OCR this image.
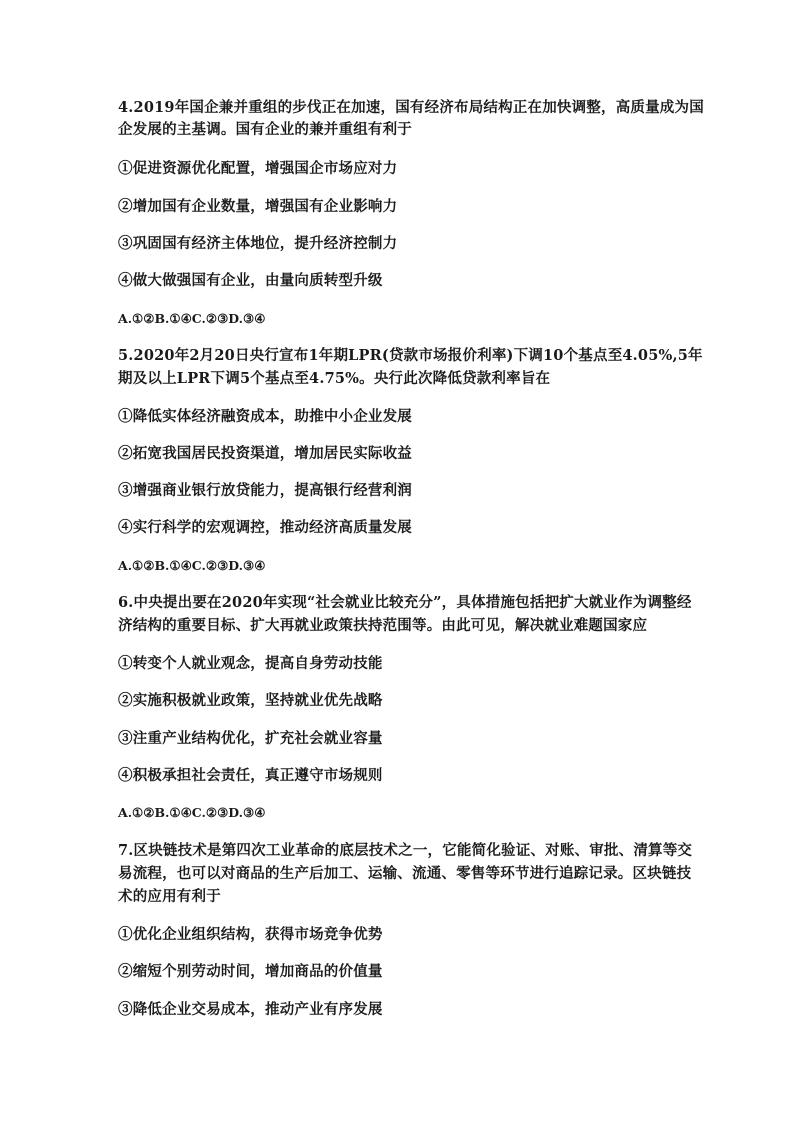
4.2019年国企兼并重组的步伐正在加速，国有经济布局结构正在加快调整，高质量成为国
企发展的主基调。国有企业的兼并重组有利于
①促进资源优化配置，增强国企市场应对力
②增加国有企业数量，增强国有企业影响力
③巩固国有经济主体地位，提升经济控制力
④做大做强国有企业，由量向质转型升级
A.①②B.①④C.②③D.③④
5.2020年2月20日央行宣布1年期LPR(贷款市场报价利率)下调10个基点至4.05%,5年
期及以上LPR下调5个基点至4.75%。央行此次降低贷款利率旨在
①降低实体经济融资成本，助推中小企业发展
②拓宽我国居民投资渠道，增加居民实际收益
③增强商业银行放贷能力，提高银行经营利润
④实行科学的宏观调控，推动经济高质量发展
A.①②B.①④C.②③D.③④
6.中央提出要在2020年实现“社会就业比较充分”，具体措施包括把扩大就业作为调整经
济结构的重要目标、扩大再就业政策扶持范围等。由此可见，解决就业难题国家应
①转变个人就业观念，提高自身劳动技能
②实施积极就业政策，坚持就业优先战略
③注重产业结构优化，扩充社会就业容量
④积极承担社会责任，真正遵守市场规则
A.①②B.①④C.②③D.③④
7.区块链技术是第四次工业革命的底层技术之一，它能简化验证、对账、审批、清算等交
易流程，也可以对商品的生产后加工、运输、流通、零售等环节进行追踪记录。区块链技
术的应用有利于
①优化企业组织结构，获得市场竞争优势
②缩短个别劳动时间，增加商品的价值量
③降低企业交易成本，推动产业有序发展
